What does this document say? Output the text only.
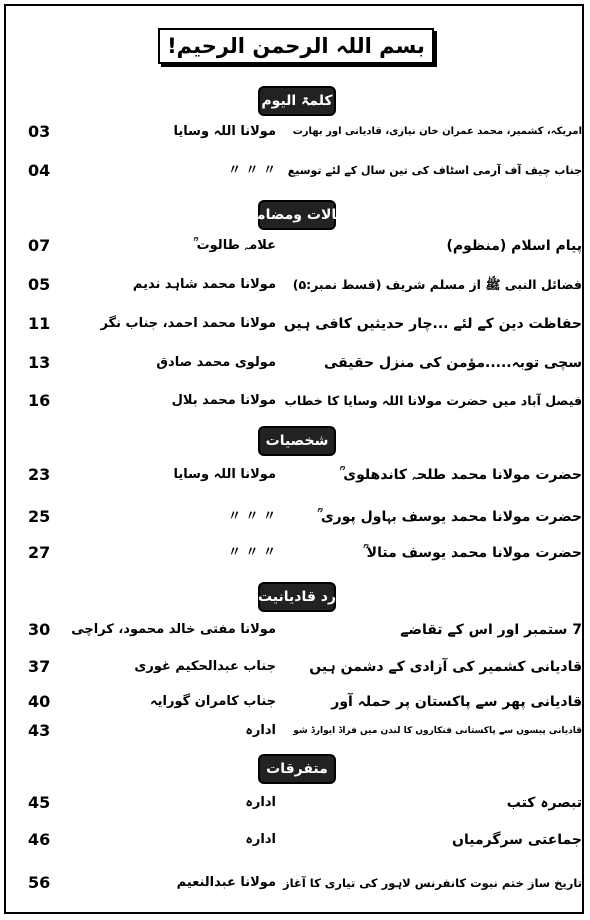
بسم اللہ الرحمن الرحیم!
کلمۃ الیوم
امریکہ، کشمیر، محمد عمران خان نیازی، قادیانی اور بھارت
مولانا اللہ وسایا
03
جناب چیف آف آرمی اسٹاف کی تین سال کے لئے توسیع
〃 〃 〃
04
مقالات ومضامین
پیام اسلام (منظوم)
علامہ طالوت ؒ
07
فضائل النبی ﷺ از مسلم شریف (قسط نمبر:۵)
مولانا محمد شاہد ندیم
05
حفاظت دین کے لئے ...چار حدیثیں کافی ہیں
مولانا محمد احمد، جناب نگر
11
سچی توبہ.....مؤمن کی منزل حقیقی
مولوی محمد صادق
13
فیصل آباد میں حضرت مولانا اللہ وسایا کا خطاب
مولانا محمد بلال
16
شخصیات
حضرت مولانا محمد طلحہ کاندھلوی ؒ
مولانا اللہ وسایا
23
حضرت مولانا محمد یوسف بہاول پوری ؒ
〃 〃 〃
25
حضرت مولانا محمد یوسف متالا ؒ
〃 〃 〃
27
رد قادیانیت
7 ستمبر اور اس کے تقاضے
مولانا مفتی خالد محمود، کراچی
30
قادیانی کشمیر کی آزادی کے دشمن ہیں
جناب عبدالحکیم غوری
37
قادیانی پھر سے پاکستان پر حملہ آور
جناب کامران گورایہ
40
قادیانی پیسوں سے پاکستانی فنکاروں کا لندن میں فراڈ ایوارڈ شو
ادارہ
43
متفرقات
تبصرہ کتب
ادارہ
45
جماعتی سرگرمیاں
ادارہ
46
تاریخ ساز ختم نبوت کانفرنس لاہور کی تیاری کا آغاز
مولانا عبدالنعیم
56
